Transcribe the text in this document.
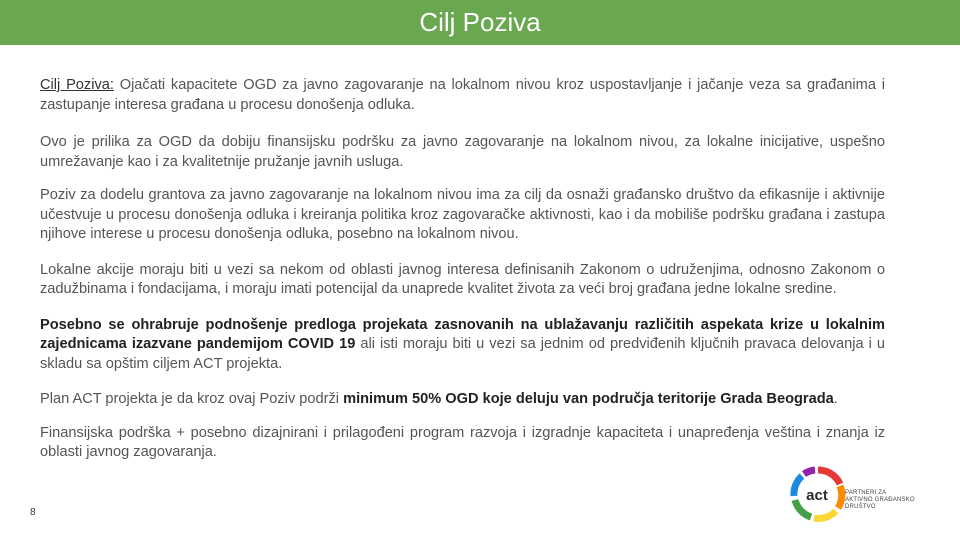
Cilj Poziva

Cilj Poziva: Ojačati kapacitete OGD za javno zagovaranje na lokalnom nivou kroz uspostavljanje i jačanje veza sa građanima i zastupanje interesa građana u procesu donošenja odluka.

Ovo je prilika za OGD da dobiju finansijsku podršku za javno zagovaranje na lokalnom nivou, za lokalne inicijative, uspešno umrežavanje kao i za kvalitetnije pružanje javnih usluga.

Poziv za dodelu grantova za javno zagovaranje na lokalnom nivou ima za cilj da osnaži građansko društvo da efikasnije i aktivnije učestvuje u procesu donošenja odluka i kreiranja politika kroz zagovaračke aktivnosti, kao i da mobiliše podršku građana i zastupa njihove interese u procesu donošenja odluka, posebno na lokalnom nivou.

Lokalne akcije moraju biti u vezi sa nekom od oblasti javnog interesa definisanih Zakonom o udruženjima, odnosno Zakonom o zadužbinama i fondacijama, i moraju imati potencijal da unaprede kvalitet života za veći broj građana jedne lokalne sredine.

Posebno se ohrabruje podnošenje predloga projekata zasnovanih na ublažavanju različitih aspekata krize u lokalnim zajednicama izazvane pandemijom COVID 19 ali isti moraju biti u vezi sa jednim od predviđenih ključnih pravaca delovanja i u skladu sa opštim ciljem ACT projekta.

Plan ACT projekta je da kroz ovaj Poziv podrži minimum 50% OGD koje deluju van područja teritorije Grada Beograda.

Finansijska podrška + posebno dizajnirani i prilagođeni program razvoja i izgradnje kapaciteta i unapređenja veština i znanja iz oblasti javnog zagovaranja.

8
act	PARTNERI ZA
AKTIVNO GRAĐANSKO
DRUŠTVO
